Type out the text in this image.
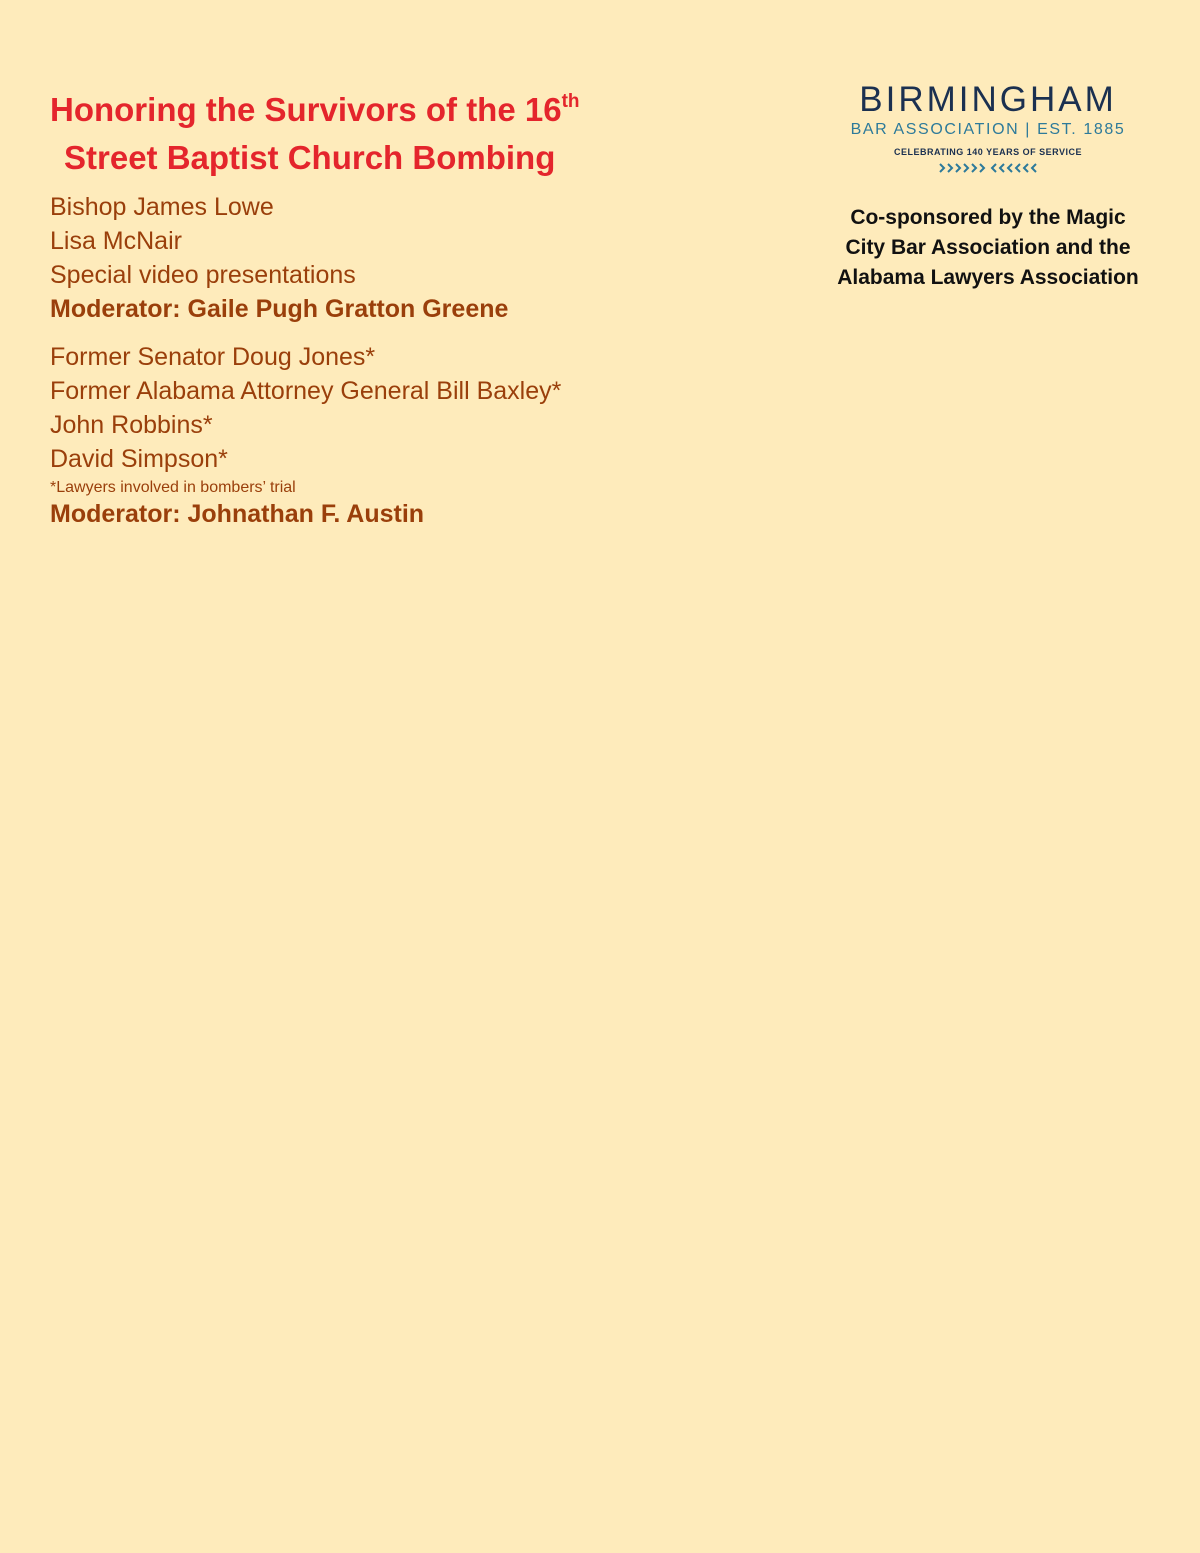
Honoring the Survivors of the 16th
Street Baptist Church Bombing
Bishop James Lowe
Lisa McNair
Special video presentations
Moderator: Gaile Pugh Gratton Greene
Former Senator Doug Jones*
Former Alabama Attorney General Bill Baxley*
John Robbins*
David Simpson*
*Lawyers involved in bombers’ trial
Moderator: Johnathan F. Austin
BIRMINGHAM
BAR ASSOCIATION | EST. 1885
CELEBRATING 140 YEARS OF SERVICE
Co-sponsored by the Magic City Bar Association and the Alabama Lawyers Association
